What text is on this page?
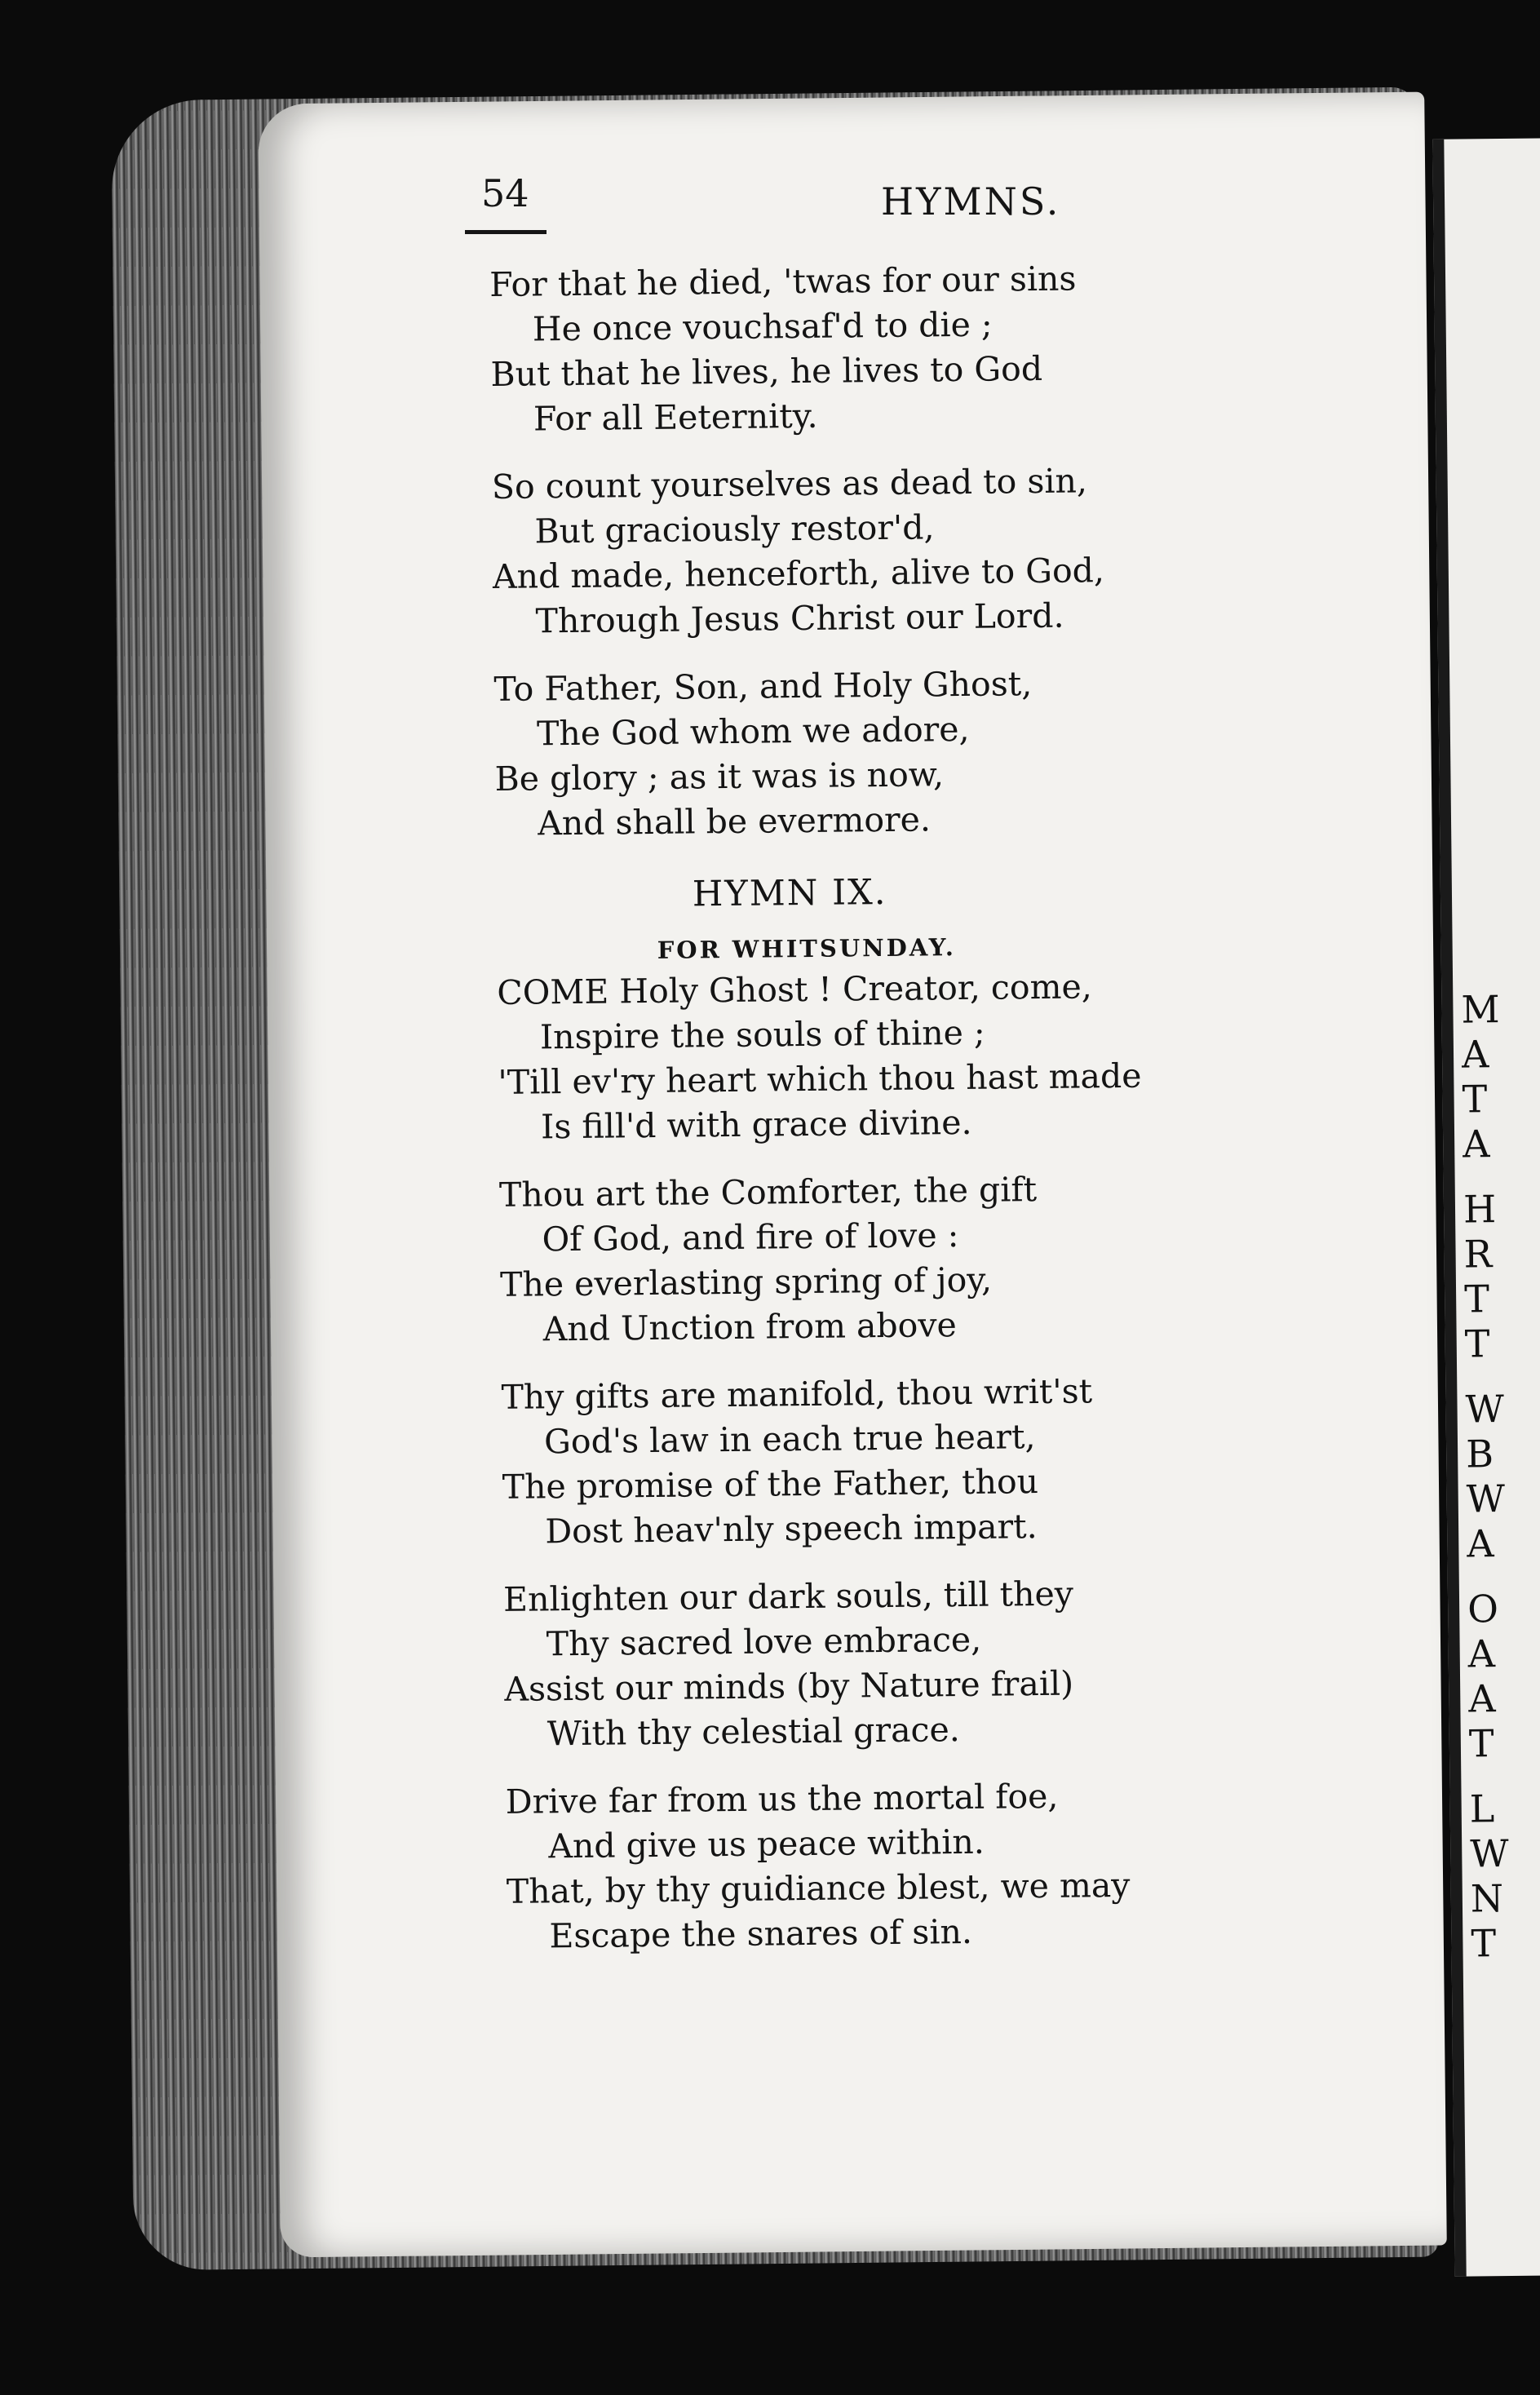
M
A
T
A
H
R
T
T
W
B
W
A
O
A
A
T
L
W
N
T
54	HYMNS.
For that he died, 'twas for our sins
He once vouchsaf'd to die ;
But that he lives, he lives to God
For all Eeternity.
So count yourselves as dead to sin,
But graciously restor'd,
And made, henceforth, alive to God,
Through Jesus Christ our Lord.
To Father, Son, and Holy Ghost,
The God whom we adore,
Be glory ; as it was is now,
And shall be evermore.
HYMN IX.
FOR WHITSUNDAY.
COME Holy Ghost ! Creator, come,
Inspire the souls of thine ;
'Till ev'ry heart which thou hast made
Is fill'd with grace divine.
Thou art the Comforter, the gift
Of God, and fire of love :
The everlasting spring of joy,
And Unction from above
Thy gifts are manifold, thou writ'st
God's law in each true heart,
The promise of the Father, thou
Dost heav'nly speech impart.
Enlighten our dark souls, till they
Thy sacred love embrace,
Assist our minds (by Nature frail)
With thy celestial grace.
Drive far from us the mortal foe,
And give us peace within.
That, by thy guidiance blest, we may
Escape the snares of sin.
